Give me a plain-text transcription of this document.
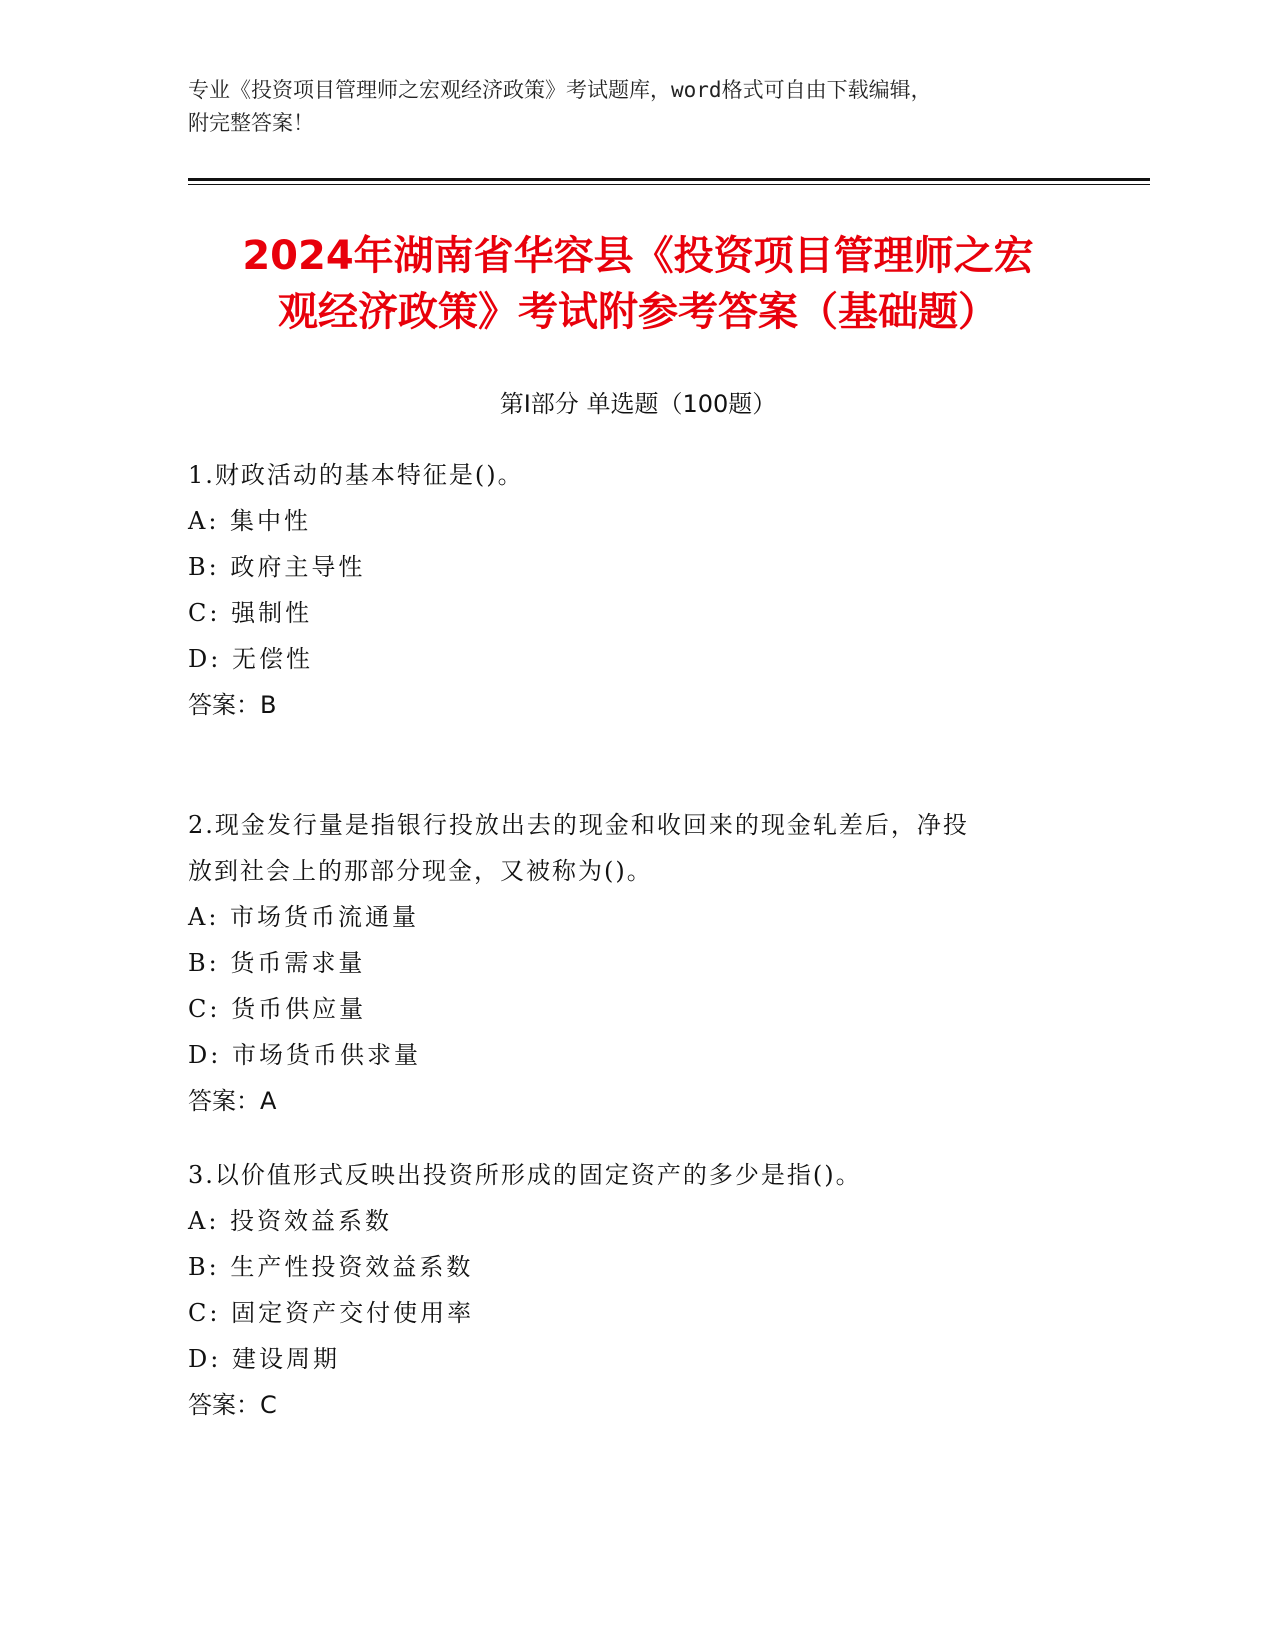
专业《投资项目管理师之宏观经济政策》考试题库，word格式可自由下载编辑，
附完整答案！
2024年湖南省华容县《投资项目管理师之宏
观经济政策》考试附参考答案（基础题）
第Ⅰ部分 单选题（100题）
1.财政活动的基本特征是()。
A: 集中性
B: 政府主导性
C: 强制性
D: 无偿性
答案：B
2.现金发行量是指银行投放出去的现金和收回来的现金轧差后，净投
放到社会上的那部分现金，又被称为()。
A: 市场货币流通量
B: 货币需求量
C: 货币供应量
D: 市场货币供求量
答案：A
3.以价值形式反映出投资所形成的固定资产的多少是指()。
A: 投资效益系数
B: 生产性投资效益系数
C: 固定资产交付使用率
D: 建设周期
答案：C
